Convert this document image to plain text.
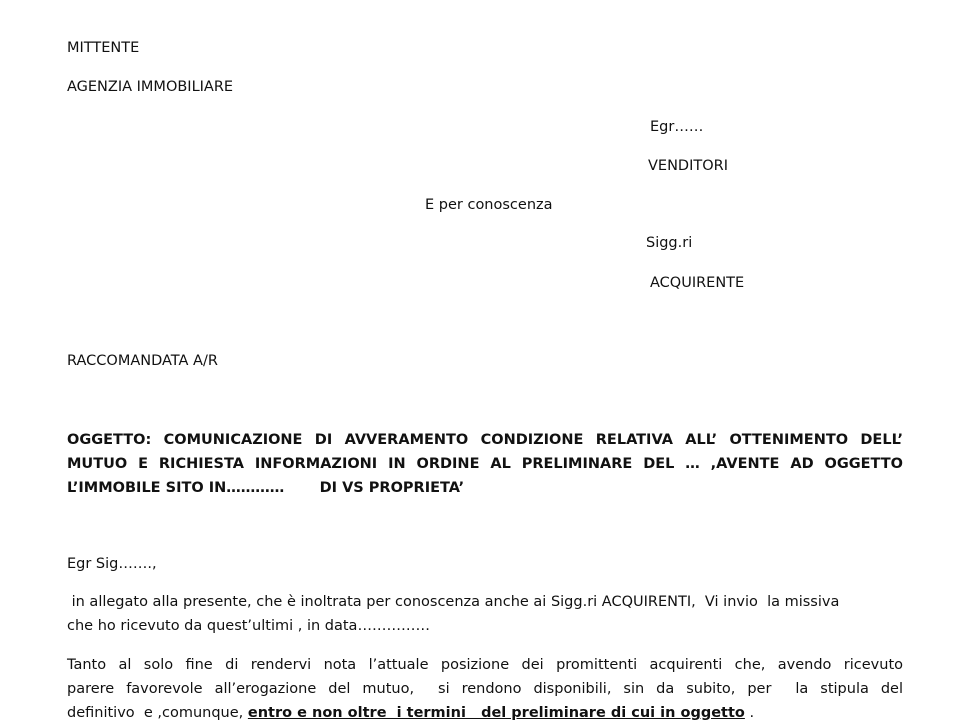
MITTENTE
AGENZIA IMMOBILIARE
Egr……
VENDITORI
E per conoscenza
Sigg.ri
ACQUIRENTE
RACCOMANDATA A/R
OGGETTO: COMUNICAZIONE DI AVVERAMENTO CONDIZIONE RELATIVA ALL’ OTTENIMENTO DELL’
MUTUO E RICHIESTA INFORMAZIONI IN ORDINE AL PRELIMINARE DEL … ,AVENTE AD OGGETTO
L’IMMOBILE SITO IN…………       DI VS PROPRIETA’
Egr Sig…….,
in allegato alla presente, che è inoltrata per conoscenza anche ai Sigg.ri ACQUIRENTI,  Vi invio  la missiva
che ho ricevuto da quest’ultimi , in data……………
Tanto al solo fine di rendervi nota l’attuale posizione dei promittenti acquirenti che, avendo ricevuto
parere favorevole all’erogazione del mutuo,  si rendono disponibili, sin da subito, per  la stipula del
definitivo  e ,comunque, entro e non oltre  i termini   del preliminare di cui in oggetto .
